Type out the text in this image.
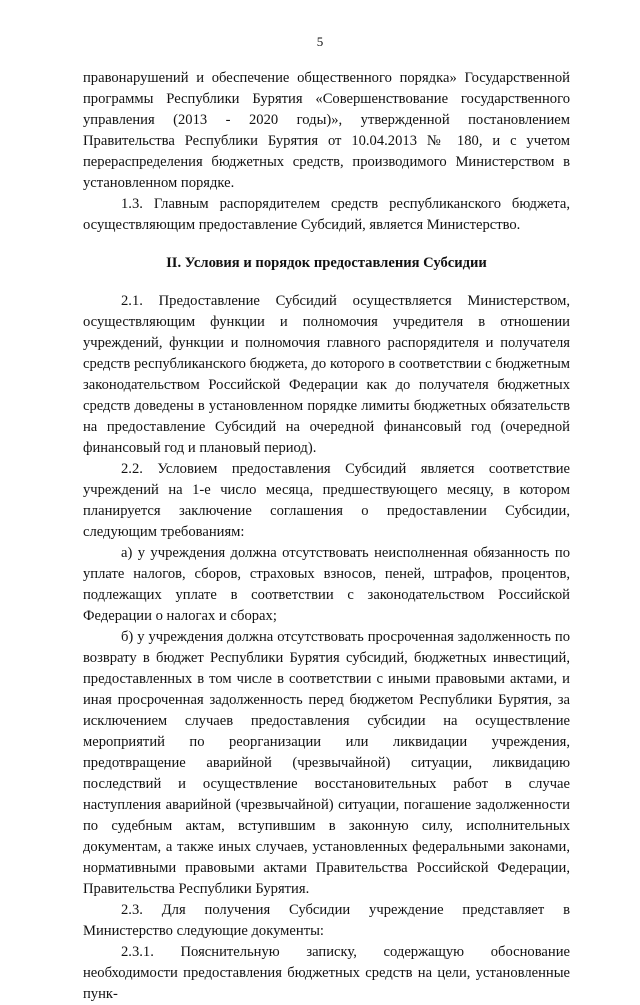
5

правонарушений и обеспечение общественного порядка» Государственной программы Республики Бурятия «Совершенствование государственного управления (2013 - 2020 годы)», утвержденной постановлением Правительства Республики Бурятия от 10.04.2013 № 180, и с учетом перераспределения бюджетных средств, производимого Министерством в установленном порядке.

1.3. Главным распорядителем средств республиканского бюджета, осуществляющим предоставление Субсидий, является Министерство.

II. Условия и порядок предоставления Субсидии

2.1. Предоставление Субсидий осуществляется Министерством, осуществляющим функции и полномочия учредителя в отношении учреждений, функции и полномочия главного распорядителя и получателя средств республиканского бюджета, до которого в соответствии с бюджетным законодательством Российской Федерации как до получателя бюджетных средств доведены в установленном порядке лимиты бюджетных обязательств на предоставление Субсидий на очередной финансовый год (очередной финансовый год и плановый период).

2.2. Условием предоставления Субсидий является соответствие учреждений на 1-е число месяца, предшествующего месяцу, в котором планируется заключение соглашения о предоставлении Субсидии, следующим требованиям:

а) у учреждения должна отсутствовать неисполненная обязанность по уплате налогов, сборов, страховых взносов, пеней, штрафов, процентов, подлежащих уплате в соответствии с законодательством Российской Федерации о налогах и сборах;

б) у учреждения должна отсутствовать просроченная задолженность по возврату в бюджет Республики Бурятия субсидий, бюджетных инвестиций, предоставленных в том числе в соответствии с иными правовыми актами, и иная просроченная задолженность перед бюджетом Республики Бурятия, за исключением случаев предоставления субсидии на осуществление мероприятий по реорганизации или ликвидации учреждения, предотвращение аварийной (чрезвычайной) ситуации, ликвидацию последствий и осуществление восстановительных работ в случае наступления аварийной (чрезвычайной) ситуации, погашение задолженности по судебным актам, вступившим в законную силу, исполнительных документам, а также иных случаев, установленных федеральными законами, нормативными правовыми актами Правительства Российской Федерации, Правительства Республики Бурятия.

2.3. Для получения Субсидии учреждение представляет в Министерство следующие документы:

2.3.1. Пояснительную записку, содержащую обоснование необходимости предоставления бюджетных средств на цели, установленные пунк-
